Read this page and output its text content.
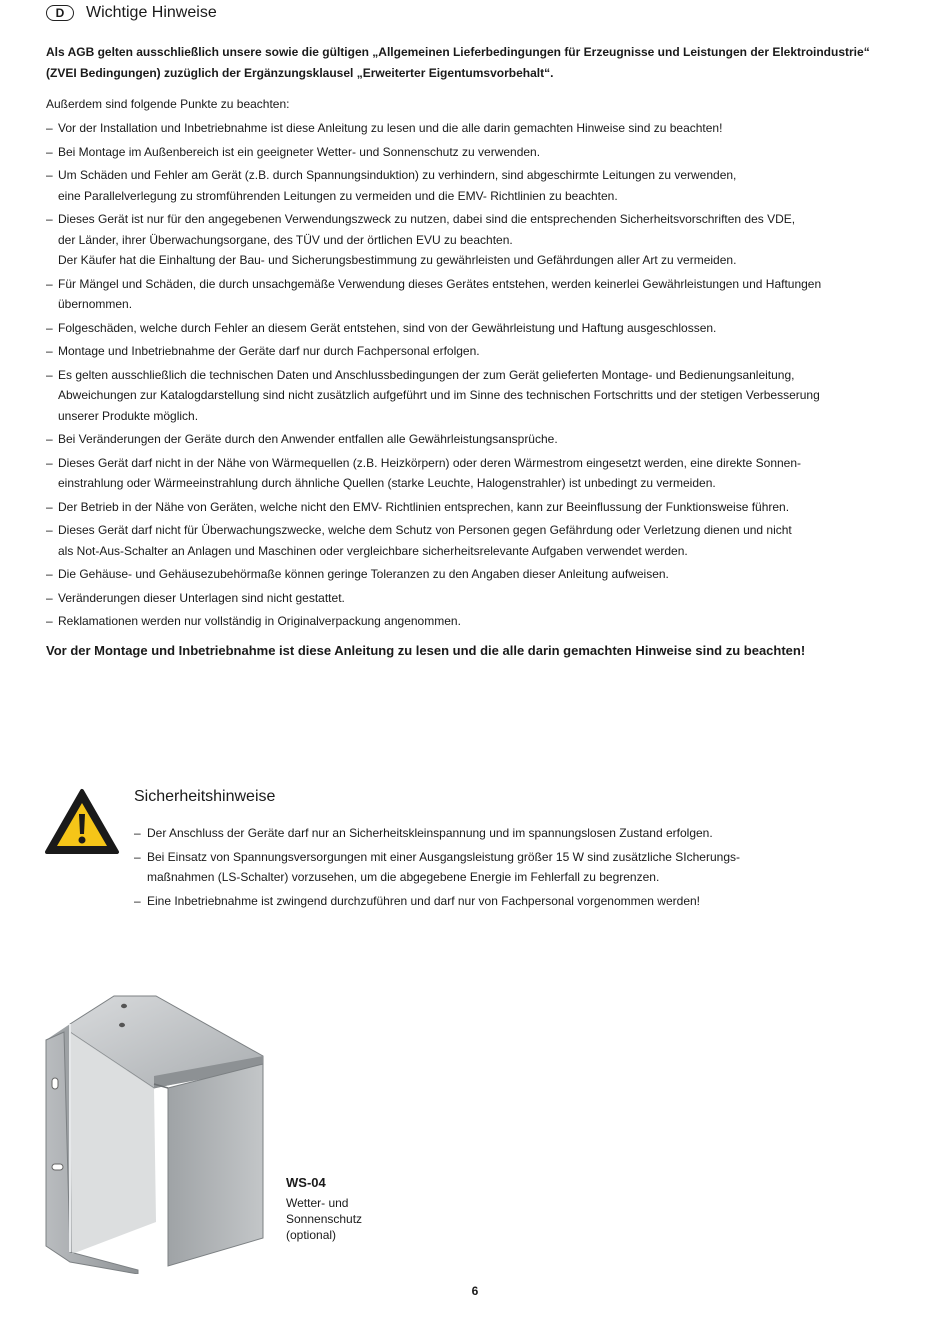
D	Wichtige Hinweise
Als AGB gelten ausschließlich unsere sowie die gültigen „Allgemeinen Lieferbedingungen für Erzeugnisse und Leistungen der Elektroindustrie“
(ZVEI Bedingungen) zuzüglich der Ergänzungsklausel „Erweiterter Eigentumsvorbehalt“.
Außerdem sind folgende Punkte zu beachten:
– Vor der Installation und Inbetriebnahme ist diese Anleitung zu lesen und die alle darin gemachten Hinweise sind zu beachten!
– Bei Montage im Außenbereich ist ein geeigneter Wetter- und Sonnenschutz zu verwenden.
– Um Schäden und Fehler am Gerät (z.B. durch Spannungsinduktion) zu verhindern, sind abgeschirmte Leitungen zu verwenden,
eine Parallelverlegung zu stromführenden Leitungen zu vermeiden und die EMV- Richtlinien zu beachten.
– Dieses Gerät ist nur für den angegebenen Verwendungszweck zu nutzen, dabei sind die entsprechenden Sicherheitsvorschriften des VDE,
der Länder, ihrer Überwachungsorgane, des TÜV und der örtlichen EVU zu beachten.
Der Käufer hat die Einhaltung der Bau- und Sicherungsbestimmung zu gewährleisten und Gefährdungen aller Art zu vermeiden.
– Für Mängel und Schäden, die durch unsachgemäße Verwendung dieses Gerätes entstehen, werden keinerlei Gewährleistungen und Haftungen
übernommen.
– Folgeschäden, welche durch Fehler an diesem Gerät entstehen, sind von der Gewährleistung und Haftung ausgeschlossen.
– Montage und Inbetriebnahme der Geräte darf nur durch Fachpersonal erfolgen.
– Es gelten ausschließlich die technischen Daten und Anschlussbedingungen der zum Gerät gelieferten Montage- und Bedienungsanleitung,
Abweichungen zur Katalogdarstellung sind nicht zusätzlich aufgeführt und im Sinne des technischen Fortschritts und der stetigen Verbesserung
unserer Produkte möglich.
– Bei Veränderungen der Geräte durch den Anwender entfallen alle Gewährleistungsansprüche.
– Dieses Gerät darf nicht in der Nähe von Wärmequellen (z.B. Heizkörpern) oder deren Wärmestrom eingesetzt werden, eine direkte Sonnen-
einstrahlung oder Wärmeeinstrahlung durch ähnliche Quellen (starke Leuchte, Halogenstrahler) ist unbedingt zu vermeiden.
– Der Betrieb in der Nähe von Geräten, welche nicht den EMV- Richtlinien entsprechen, kann zur Beeinflussung der Funktionsweise führen.
– Dieses Gerät darf nicht für Überwachungszwecke, welche dem Schutz von Personen gegen Gefährdung oder Verletzung dienen und nicht
als Not-Aus-Schalter an Anlagen und Maschinen oder vergleichbare sicherheitsrelevante Aufgaben verwendet werden.
– Die Gehäuse- und Gehäusezubehörmaße können geringe Toleranzen zu den Angaben dieser Anleitung aufweisen.
– Veränderungen dieser Unterlagen sind nicht gestattet.
– Reklamationen werden nur vollständig in Originalverpackung angenommen.
Vor der Montage und Inbetriebnahme ist diese Anleitung zu lesen und die alle darin gemachten Hinweise sind zu beachten!
Sicherheitshinweise
– Der Anschluss der Geräte darf nur an Sicherheitskleinspannung und im spannungslosen Zustand erfolgen.
– Bei Einsatz von Spannungsversorgungen mit einer Ausgangsleistung größer 15 W sind zusätzliche SIcherungs-
maßnahmen (LS-Schalter) vorzusehen, um die abgegebene Energie im Fehlerfall zu begrenzen.
– Eine Inbetriebnahme ist zwingend durchzuführen und darf nur von Fachpersonal vorgenommen werden!
WS-04
Wetter- und
Sonnenschutz
(optional)
6
